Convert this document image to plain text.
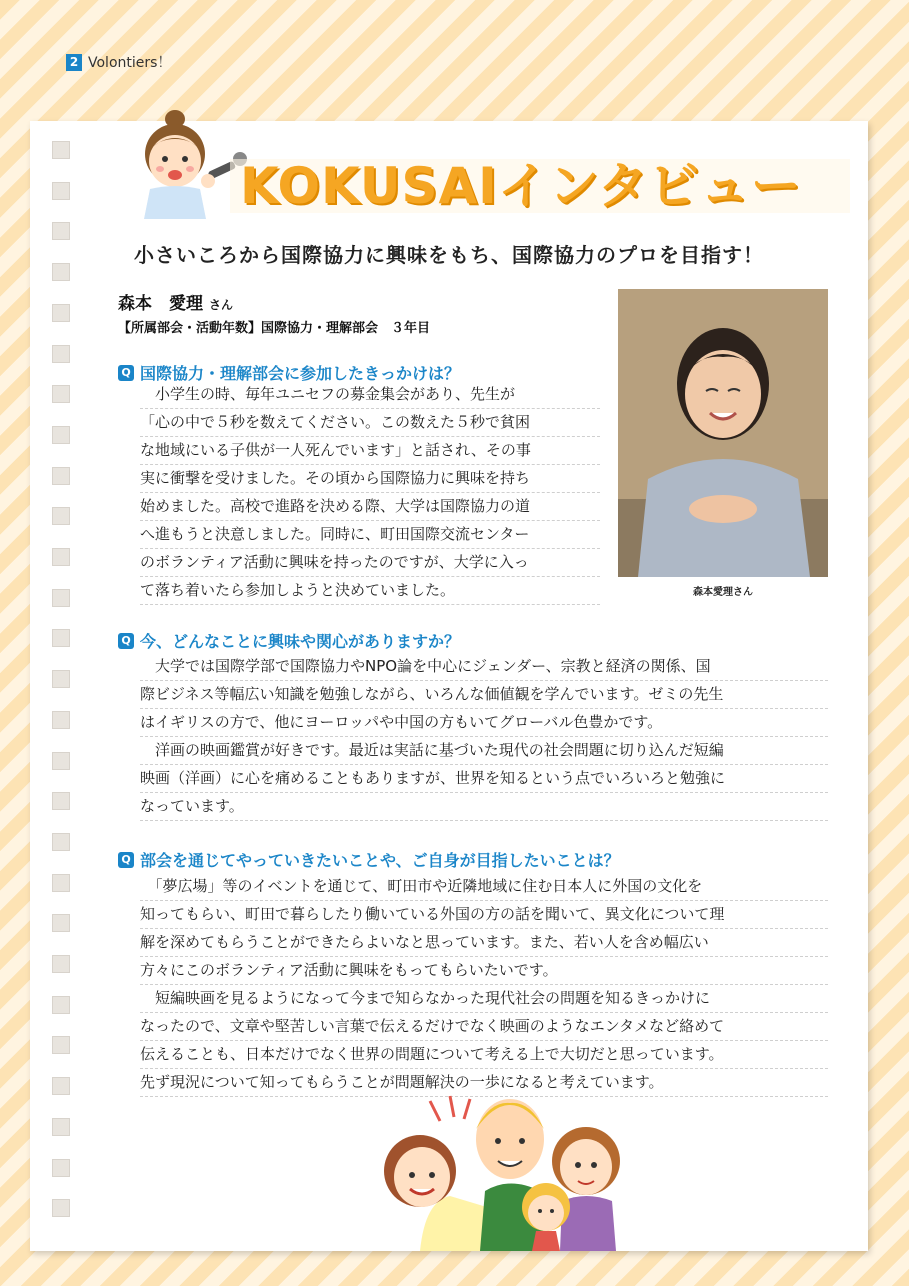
2 Volontiers！
KOKUSAIインタビュー
小さいころから国際協力に興味をもち、国際協力のプロを目指す！
森本　愛理 さん
【所属部会・活動年数】国際協力・理解部会　３年目
森本愛理さん
Q 国際協力・理解部会に参加したきっかけは？
　小学生の時、毎年ユニセフの募金集会があり、先生が
「心の中で５秒を数えてください。この数えた５秒で貧困
な地域にいる子供が一人死んでいます」と話され、その事
実に衝撃を受けました。その頃から国際協力に興味を持ち
始めました。高校で進路を決める際、大学は国際協力の道
へ進もうと決意しました。同時に、町田国際交流センター
のボランティア活動に興味を持ったのですが、大学に入っ
て落ち着いたら参加しようと決めていました。
Q 今、どんなことに興味や関心がありますか？
　大学では国際学部で国際協力やNPO論を中心にジェンダー、宗教と経済の関係、国
際ビジネス等幅広い知識を勉強しながら、いろんな価値観を学んでいます。ゼミの先生
はイギリスの方で、他にヨーロッパや中国の方もいてグローバル色豊かです。
　洋画の映画鑑賞が好きです。最近は実話に基づいた現代の社会問題に切り込んだ短編
映画（洋画）に心を痛めることもありますが、世界を知るという点でいろいろと勉強に
なっています。
Q 部会を通じてやっていきたいことや、ご自身が目指したいことは？
　「夢広場」等のイベントを通じて、町田市や近隣地域に住む日本人に外国の文化を
知ってもらい、町田で暮らしたり働いている外国の方の話を聞いて、異文化について理
解を深めてもらうことができたらよいなと思っています。また、若い人を含め幅広い
方々にこのボランティア活動に興味をもってもらいたいです。
　短編映画を見るようになって今まで知らなかった現代社会の問題を知るきっかけに
なったので、文章や堅苦しい言葉で伝えるだけでなく映画のようなエンタメなど絡めて
伝えることも、日本だけでなく世界の問題について考える上で大切だと思っています。
先ず現況について知ってもらうことが問題解決の一歩になると考えています。
